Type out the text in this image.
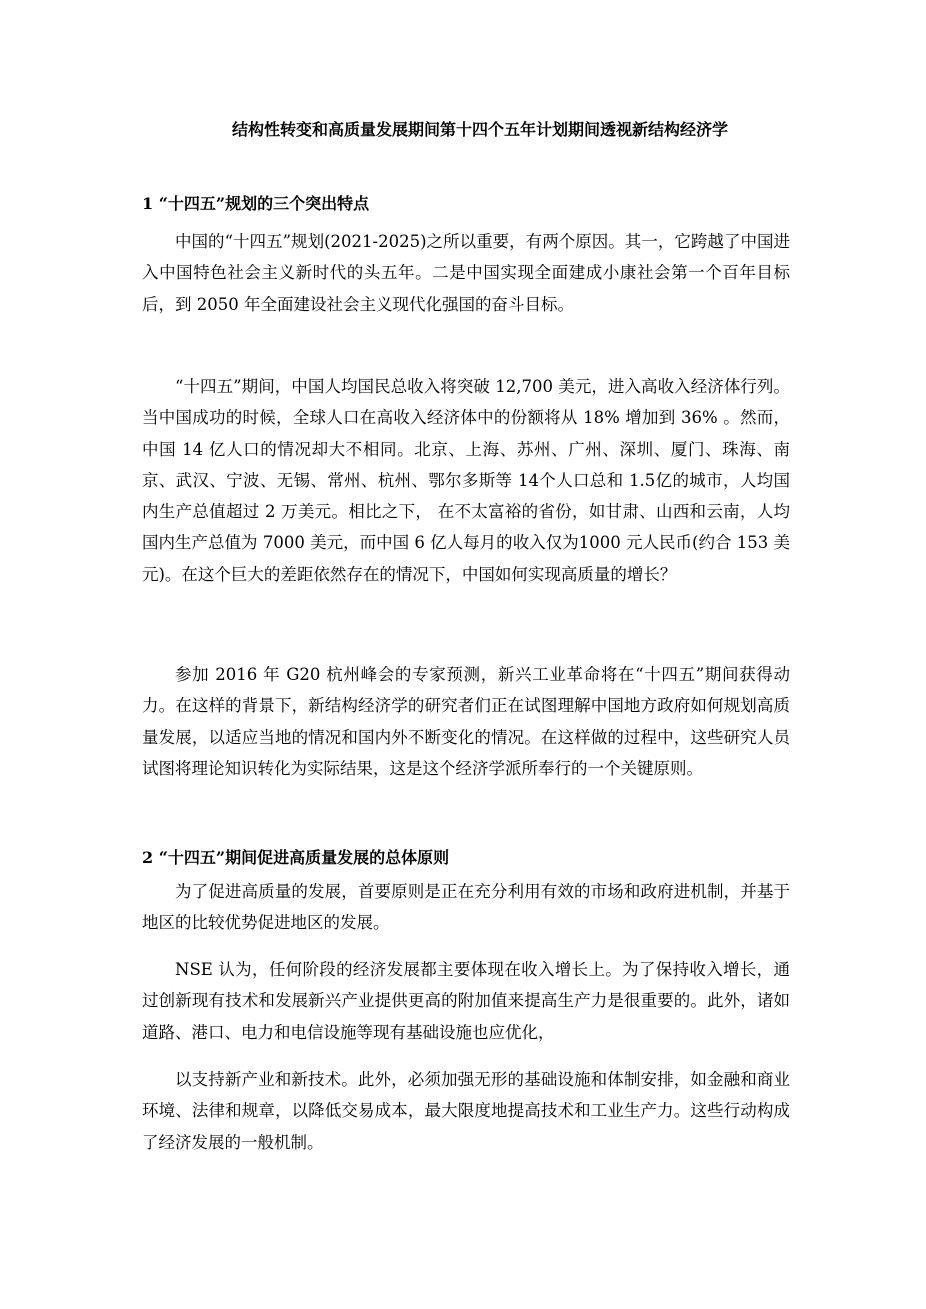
结构性转变和高质量发展期间第十四个五年计划期间透视新结构经济学
1 “十四五”规划的三个突出特点

中国的“十四五”规划(2021-2025)之所以重要，有两个原因。其一，它跨越了中国进入中国特色社会主义新时代的头五年。二是中国实现全面建成小康社会第一个百年目标后，到 2050 年全面建设社会主义现代化强国的奋斗目标。

“十四五”期间，中国人均国民总收入将突破 12,700 美元，进入高收入经济体行列。当中国成功的时候，全球人口在高收入经济体中的份额将从 18% 增加到 36% 。然而，中国 14 亿人口的情况却大不相同。北京、上海、苏州、广州、深圳、厦门、珠海、南京、武汉、宁波、无锡、常州、杭州、鄂尔多斯等 14个人口总和 1.5亿的城市，人均国内生产总值超过 2 万美元。相比之下， 在不太富裕的省份，如甘肃、山西和云南，人均国内生产总值为 7000 美元，而中国 6 亿人每月的收入仅为1000 元人民币(约合 153 美元)。在这个巨大的差距依然存在的情况下，中国如何实现高质量的增长？

参加 2016 年 G20 杭州峰会的专家预测，新兴工业革命将在“十四五”期间获得动力。在这样的背景下，新结构经济学的研究者们正在试图理解中国地方政府如何规划高质量发展，以适应当地的情况和国内外不断变化的情况。在这样做的过程中，这些研究人员试图将理论知识转化为实际结果，这是这个经济学派所奉行的一个关键原则。

2 “十四五”期间促进高质量发展的总体原则

为了促进高质量的发展，首要原则是正在充分利用有效的市场和政府进机制，并基于地区的比较优势促进地区的发展。

NSE 认为，任何阶段的经济发展都主要体现在收入增长上。为了保持收入增长，通过创新现有技术和发展新兴产业提供更高的附加值来提高生产力是很重要的。此外，诸如道路、港口、电力和电信设施等现有基础设施也应优化，

以支持新产业和新技术。此外，必须加强无形的基础设施和体制安排，如金融和商业环境、法律和规章，以降低交易成本，最大限度地提高技术和工业生产力。这些行动构成了经济发展的一般机制。
